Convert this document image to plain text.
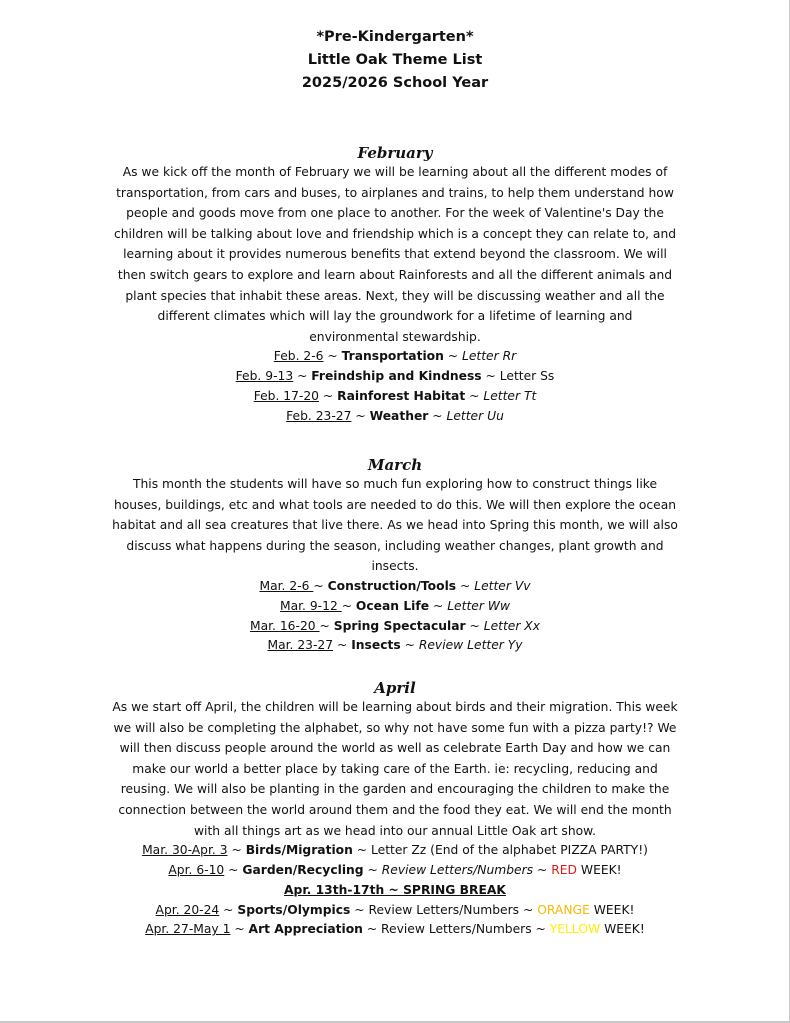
*Pre-Kindergarten*
Little Oak Theme List
2025/2026 School Year
February
As we kick off the month of February we will be learning about all the different modes of transportation, from cars and buses, to airplanes and trains, to help them understand how people and goods move from one place to another. For the week of Valentine's Day the children will be talking about love and friendship which is a concept they can relate to, and learning about it provides numerous benefits that extend beyond the classroom. We will then switch gears to explore and learn about Rainforests and all the different animals and plant species that inhabit these areas. Next, they will be discussing weather and all the different climates which will lay the groundwork for a lifetime of learning and environmental stewardship.
Feb. 2-6 ~ Transportation ~ Letter Rr
Feb. 9-13 ~ Freindship and Kindness ~ Letter Ss
Feb. 17-20 ~ Rainforest Habitat ~ Letter Tt
Feb. 23-27 ~ Weather ~ Letter Uu
March
This month the students will have so much fun exploring how to construct things like houses, buildings, etc and what tools are needed to do this. We will then explore the ocean habitat and all sea creatures that live there. As we head into Spring this month, we will also discuss what happens during the season, including weather changes, plant growth and insects.
Mar. 2-6 ~ Construction/Tools ~ Letter Vv
Mar. 9-12 ~ Ocean Life ~ Letter Ww
Mar. 16-20 ~ Spring Spectacular ~ Letter Xx
Mar. 23-27 ~ Insects ~ Review Letter Yy
April
As we start off April, the children will be learning about birds and their migration. This week we will also be completing the alphabet, so why not have some fun with a pizza party!? We will then discuss people around the world as well as celebrate Earth Day and how we can make our world a better place by taking care of the Earth. ie: recycling, reducing and reusing. We will also be planting in the garden and encouraging the children to make the connection between the world around them and the food they eat. We will end the month with all things art as we head into our annual Little Oak art show.
Mar. 30-Apr. 3 ~ Birds/Migration ~ Letter Zz (End of the alphabet PIZZA PARTY!)
Apr. 6-10 ~ Garden/Recycling ~ Review Letters/Numbers ~ RED WEEK!
Apr. 13th-17th ~ SPRING BREAK
Apr. 20-24 ~ Sports/Olympics ~ Review Letters/Numbers ~ ORANGE WEEK!
Apr. 27-May 1 ~ Art Appreciation ~ Review Letters/Numbers ~ YELLOW WEEK!
